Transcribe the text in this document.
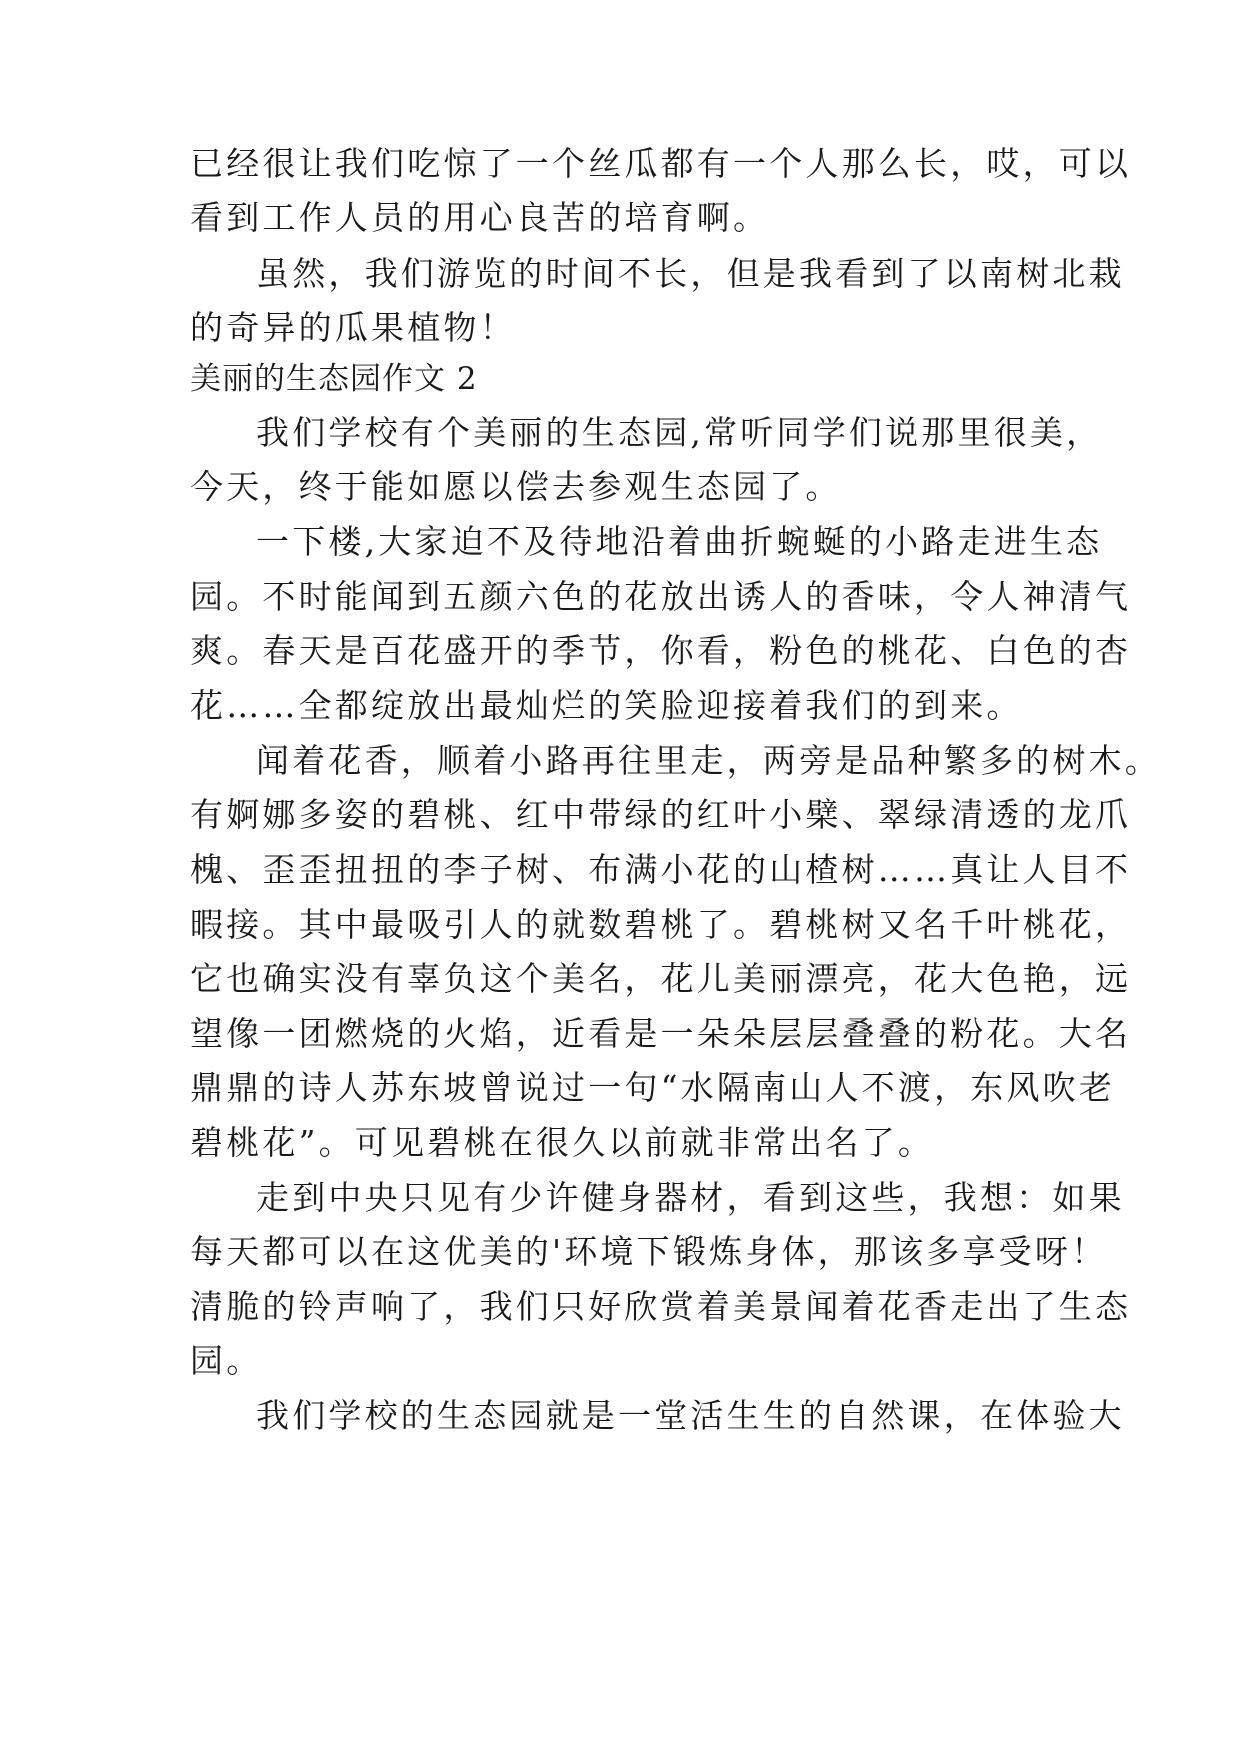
已经很让我们吃惊了一个丝瓜都有一个人那么长，哎，可以
看到工作人员的用心良苦的培育啊。
虽然，我们游览的时间不长，但是我看到了以南树北栽
的奇异的瓜果植物！
美丽的生态园作文 2
我们学校有个美丽的生态园,常听同学们说那里很美，
今天，终于能如愿以偿去参观生态园了。
一下楼,大家迫不及待地沿着曲折蜿蜒的小路走进生态
园。不时能闻到五颜六色的花放出诱人的香味，令人神清气
爽。春天是百花盛开的季节，你看，粉色的桃花、白色的杏
花……全都绽放出最灿烂的笑脸迎接着我们的到来。
闻着花香，顺着小路再往里走，两旁是品种繁多的树木。
有婀娜多姿的碧桃、红中带绿的红叶小檗、翠绿清透的龙爪
槐、歪歪扭扭的李子树、布满小花的山楂树……真让人目不
暇接。其中最吸引人的就数碧桃了。碧桃树又名千叶桃花，
它也确实没有辜负这个美名，花儿美丽漂亮，花大色艳，远
望像一团燃烧的火焰，近看是一朵朵层层叠叠的粉花。大名
鼎鼎的诗人苏东坡曾说过一句“水隔南山人不渡，东风吹老
碧桃花”。可见碧桃在很久以前就非常出名了。
走到中央只见有少许健身器材，看到这些，我想：如果
每天都可以在这优美的'环境下锻炼身体，那该多享受呀！
清脆的铃声响了，我们只好欣赏着美景闻着花香走出了生态
园。
我们学校的生态园就是一堂活生生的自然课，在体验大
